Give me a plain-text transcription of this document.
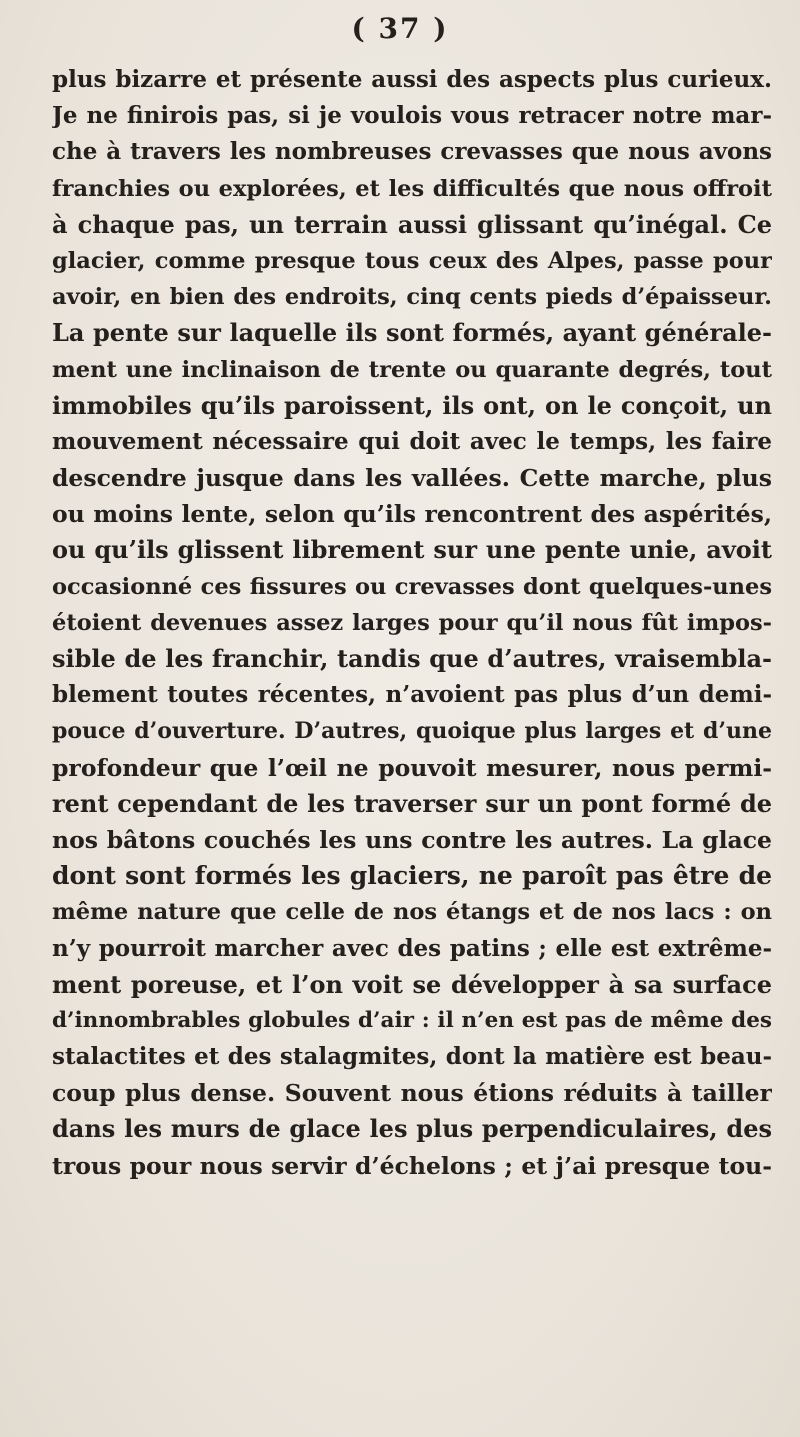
( 37 )
plus bizarre et présente aussi des aspects plus curieux.
Je ne finirois pas, si je voulois vous retracer notre mar-
che à travers les nombreuses crevasses que nous avons
franchies ou explorées, et les difficultés que nous offroit
à chaque pas, un terrain aussi glissant qu’inégal. Ce
glacier, comme presque tous ceux des Alpes, passe pour
avoir, en bien des endroits, cinq cents pieds d’épaisseur.
La pente sur laquelle ils sont formés, ayant générale-
ment une inclinaison de trente ou quarante degrés, tout
immobiles qu’ils paroissent, ils ont, on le conçoit, un
mouvement nécessaire qui doit avec le temps, les faire
descendre jusque dans les vallées. Cette marche, plus
ou moins lente, selon qu’ils rencontrent des aspérités,
ou qu’ils glissent librement sur une pente unie, avoit
occasionné ces fissures ou crevasses dont quelques-unes
étoient devenues assez larges pour qu’il nous fût impos-
sible de les franchir, tandis que d’autres, vraisembla-
blement toutes récentes, n’avoient pas plus d’un demi-
pouce d’ouverture. D’autres, quoique plus larges et d’une
profondeur que l’œil ne pouvoit mesurer, nous permi-
rent cependant de les traverser sur un pont formé de
nos bâtons couchés les uns contre les autres. La glace
dont sont formés les glaciers, ne paroît pas être de
même nature que celle de nos étangs et de nos lacs : on
n’y pourroit marcher avec des patins ; elle est extrême-
ment poreuse, et l’on voit se développer à sa surface
d’innombrables globules d’air : il n’en est pas de même des
stalactites et des stalagmites, dont la matière est beau-
coup plus dense. Souvent nous étions réduits à tailler
dans les murs de glace les plus perpendiculaires, des
trous pour nous servir d’échelons ; et j’ai presque tou-
